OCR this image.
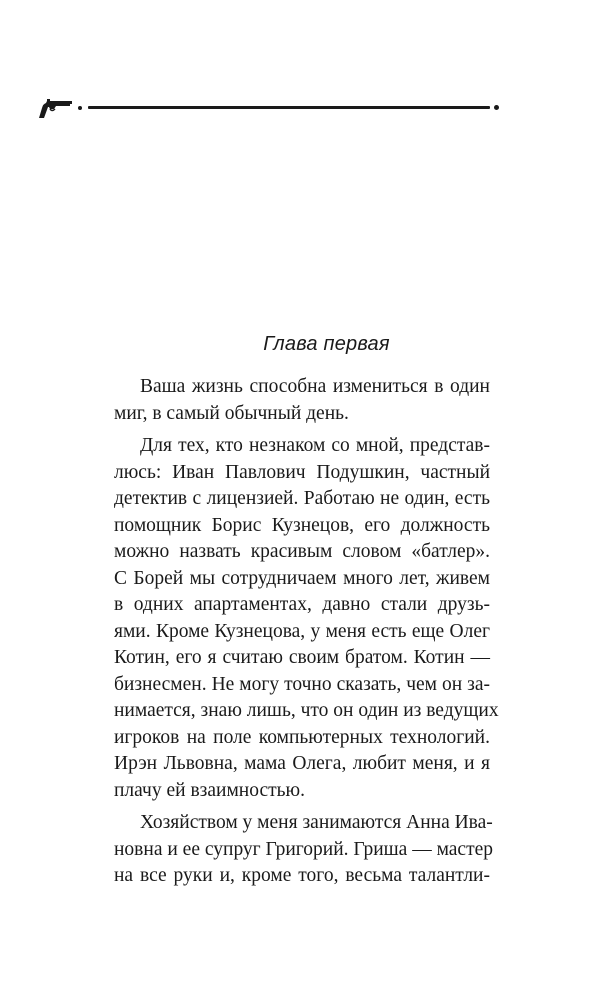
Глава первая
Ваша жизнь способна измениться в один
миг, в самый обычный день.
Для тех, кто незнаком со мной, представ-
люсь: Иван Павлович Подушкин, частный
детектив с лицензией. Работаю не один, есть
помощник Борис Кузнецов, его должность
можно назвать красивым словом «батлер».
С Борей мы сотрудничаем много лет, живем
в одних апартаментах, давно стали друзь-
ями. Кроме Кузнецова, у меня есть еще Олег
Котин, его я считаю своим братом. Котин —
бизнесмен. Не могу точно сказать, чем он за-
нимается, знаю лишь, что он один из ведущих
игроков на поле компьютерных технологий.
Ирэн Львовна, мама Олега, любит меня, и я
плачу ей взаимностью.
Хозяйством у меня занимаются Анна Ива-
новна и ее супруг Григорий. Гриша — мастер
на все руки и, кроме того, весьма талантли-
